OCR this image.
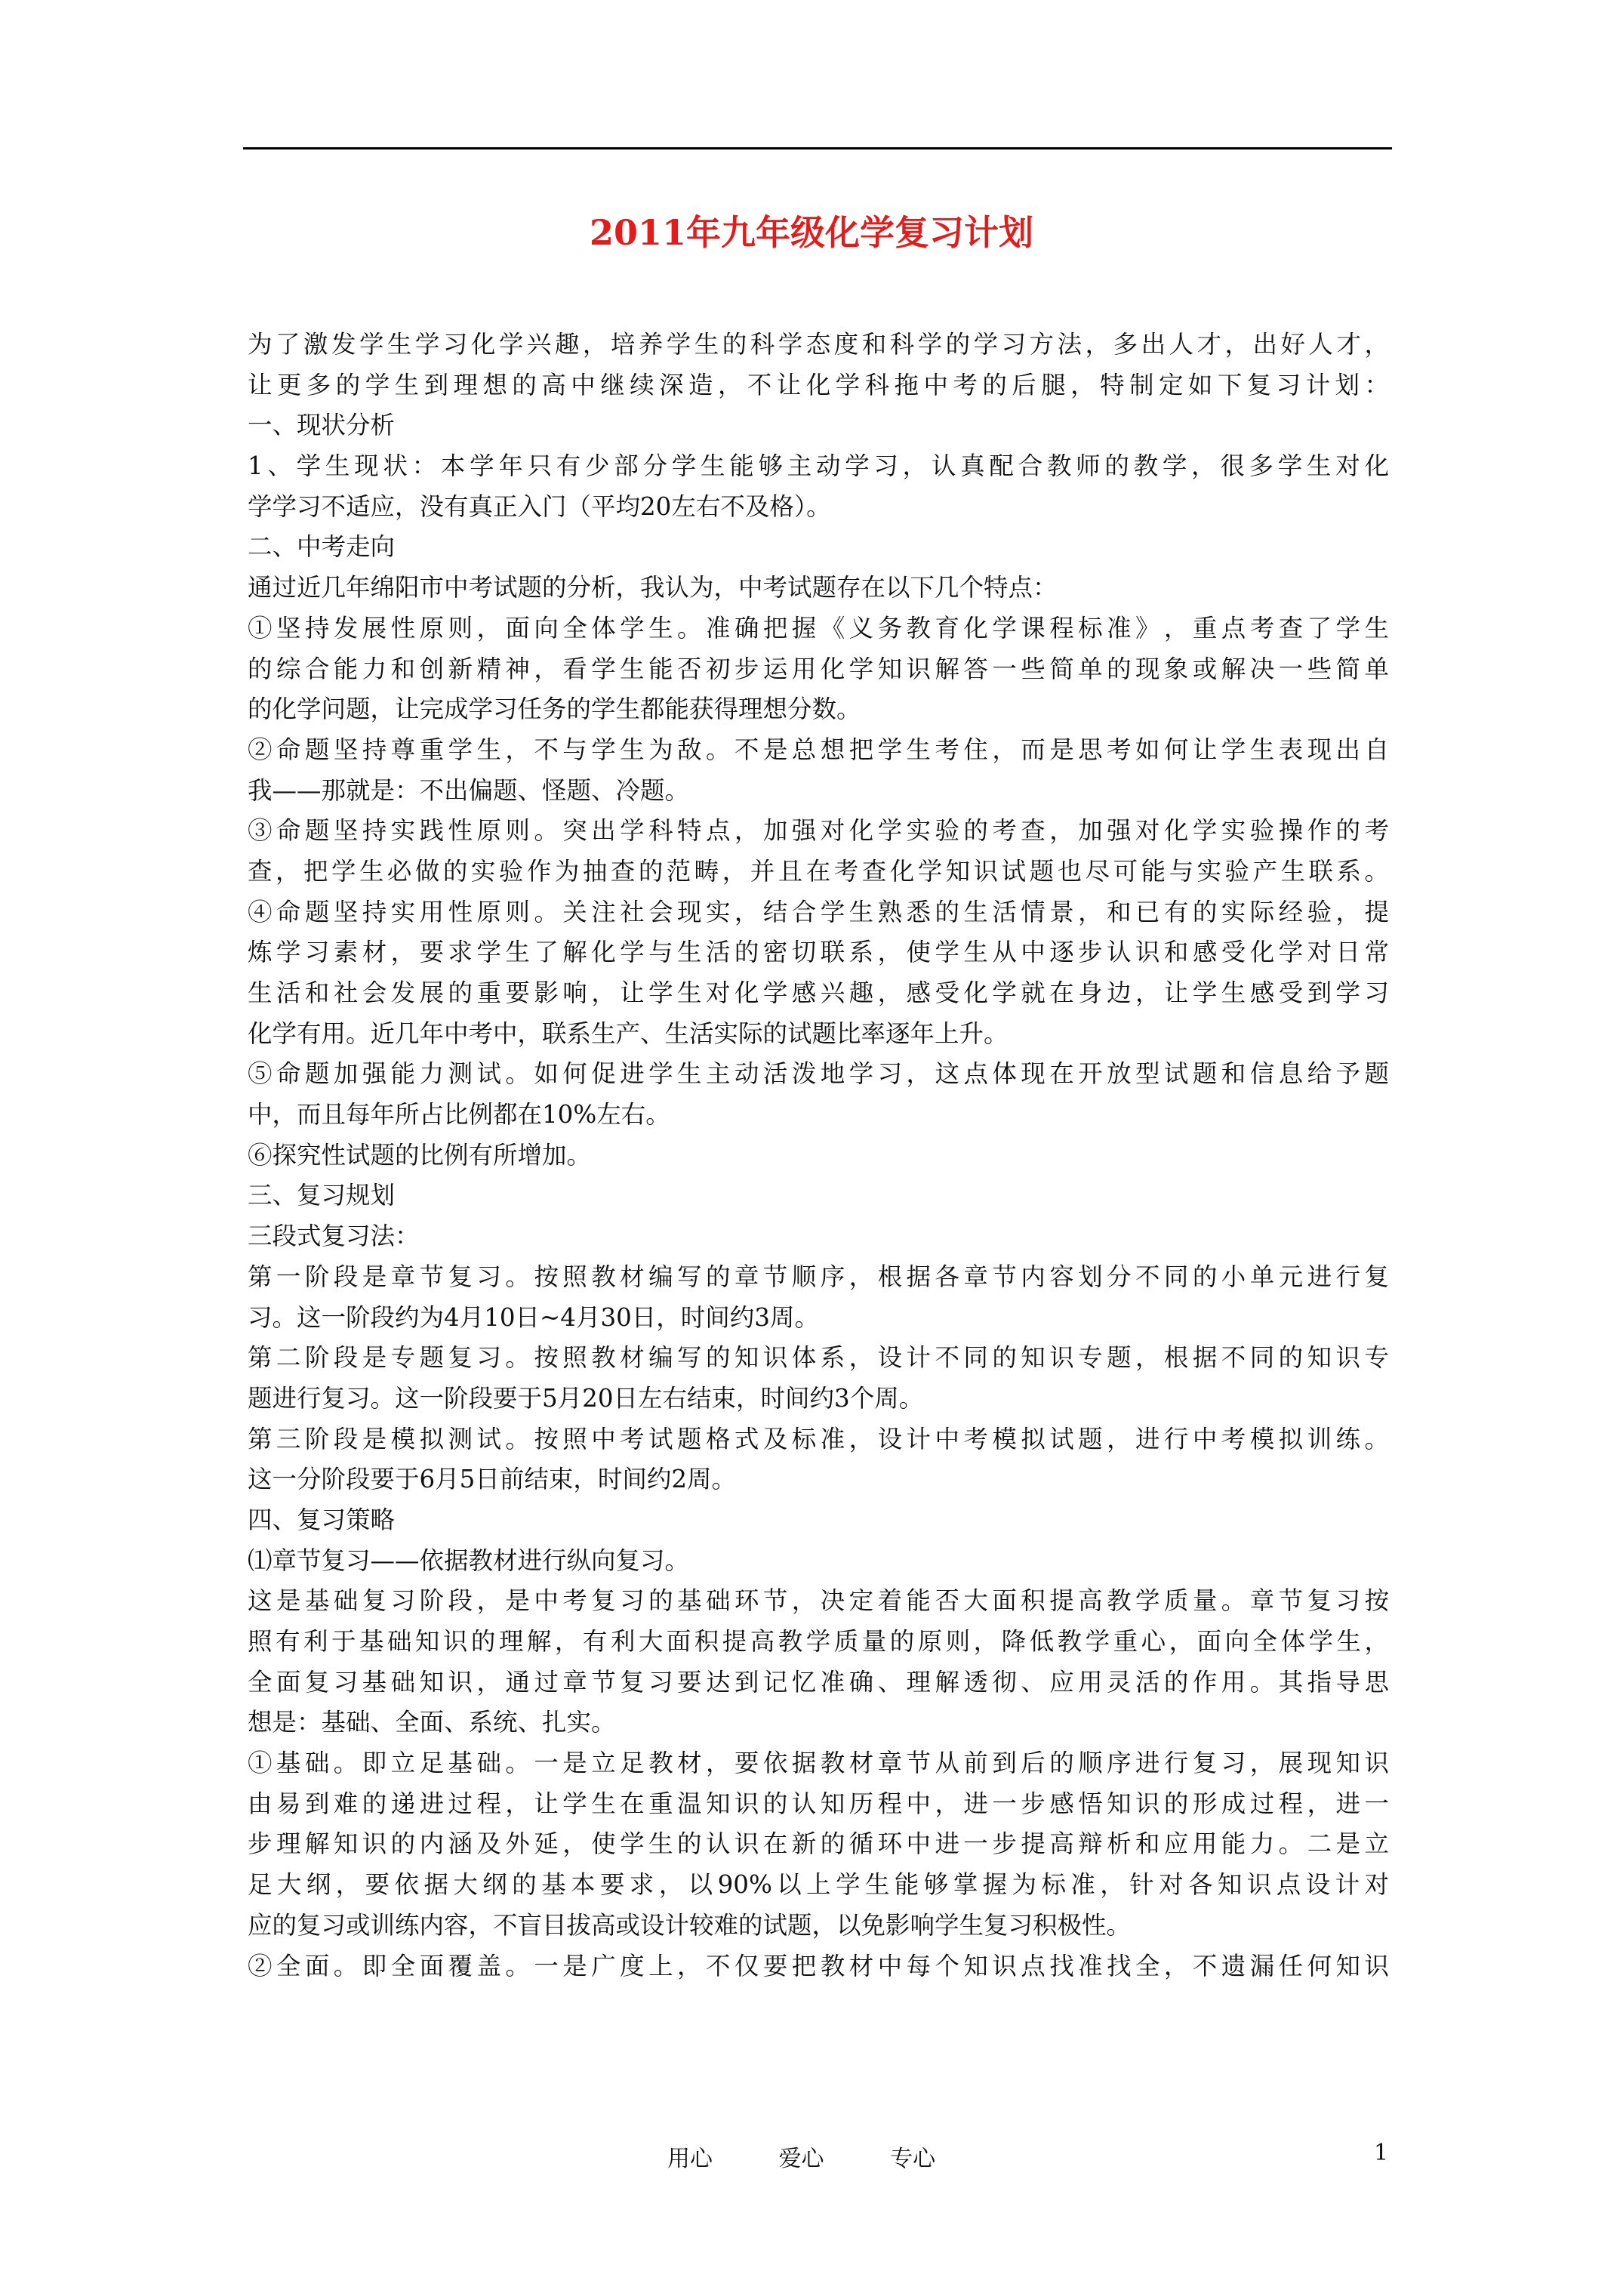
2011年九年级化学复习计划
为​了​激​发​学​生​学​习​化​学​兴​趣​，​培​养​学​生​的​科​学​态​度​和​科​学​的​学​习​方​法​，​多​出​人​才​，​出​好​人​才​，
让​更​多​的​学​生​到​理​想​的​高​中​继​续​深​造​，​不​让​化​学​科​拖​中​考​的​后​腿​，​特​制​定​如​下​复​习​计​划​：
一、现状分析
1​、​学​生​现​状​：​本​学​年​只​有​少​部​分​学​生​能​够​主​动​学​习​，​认​真​配​合​教​师​的​教​学​，​很​多​学​生​对​化
学学习不适应，没有真正入门（平均20左右不及格）。
二、中考走向
通过近几年绵阳市中考试题的分析，我认为，中考试题存在以下几个特点：
①​坚​持​发​展​性​原​则​，​面​向​全​体​学​生​。​准​确​把​握​《​义​务​教​育​化​学​课​程​标​准​》​，​重​点​考​查​了​学​生
的​综​合​能​力​和​创​新​精​神​，​看​学​生​能​否​初​步​运​用​化​学​知​识​解​答​一​些​简​单​的​现​象​或​解​决​一​些​简​单
的化学问题，让完成学习任务的学生都能获得理想分数。
②​命​题​坚​持​尊​重​学​生​，​不​与​学​生​为​敌​。​不​是​总​想​把​学​生​考​住​，​而​是​思​考​如​何​让​学​生​表​现​出​自
我——那就是：不出偏题、怪题、冷题。
③​命​题​坚​持​实​践​性​原​则​。​突​出​学​科​特​点​，​加​强​对​化​学​实​验​的​考​查​，​加​强​对​化​学​实​验​操​作​的​考
查​，​把​学​生​必​做​的​实​验​作​为​抽​查​的​范​畴​，​并​且​在​考​查​化​学​知​识​试​题​也​尽​可​能​与​实​验​产​生​联​系​。
④​命​题​坚​持​实​用​性​原​则​。​关​注​社​会​现​实​，​结​合​学​生​熟​悉​的​生​活​情​景​，​和​已​有​的​实​际​经​验​，​提
炼​学​习​素​材​，​要​求​学​生​了​解​化​学​与​生​活​的​密​切​联​系​，​使​学​生​从​中​逐​步​认​识​和​感​受​化​学​对​日​常
生​活​和​社​会​发​展​的​重​要​影​响​，​让​学​生​对​化​学​感​兴​趣​，​感​受​化​学​就​在​身​边​，​让​学​生​感​受​到​学​习
化学有用。近几年中考中，联系生产、生活实际的试题比率逐年上升。
⑤​命​题​加​强​能​力​测​试​。​如​何​促​进​学​生​主​动​活​泼​地​学​习​，​这​点​体​现​在​开​放​型​试​题​和​信​息​给​予​题
中，而且每年所占比例都在10%左右。
⑥探究性试题的比例有所增加。
三、复习规划
三段式复习法：
第​一​阶​段​是​章​节​复​习​。​按​照​教​材​编​写​的​章​节​顺​序​，​根​据​各​章​节​内​容​划​分​不​同​的​小​单​元​进​行​复
习。这一阶段约为4月10日~4月30日，时间约3周。
第​二​阶​段​是​专​题​复​习​。​按​照​教​材​编​写​的​知​识​体​系​，​设​计​不​同​的​知​识​专​题​，​根​据​不​同​的​知​识​专
题进行复习。这一阶段要于5月20日左右结束，时间约3个周。
第​三​阶​段​是​模​拟​测​试​。​按​照​中​考​试​题​格​式​及​标​准​，​设​计​中​考​模​拟​试​题​，​进​行​中​考​模​拟​训​练​。
这一分阶段要于6月5日前结束，时间约2周。
四、复习策略
⑴章节复习——依据教材进行纵向复习。
这​是​基​础​复​习​阶​段​，​是​中​考​复​习​的​基​础​环​节​，​决​定​着​能​否​大​面​积​提​高​教​学​质​量​。​章​节​复​习​按
照​有​利​于​基​础​知​识​的​理​解​，​有​利​大​面​积​提​高​教​学​质​量​的​原​则​，​降​低​教​学​重​心​，​面​向​全​体​学​生​，
全​面​复​习​基​础​知​识​，​通​过​章​节​复​习​要​达​到​记​忆​准​确​、​理​解​透​彻​、​应​用​灵​活​的​作​用​。​其​指​导​思
想是：基础、全面、系统、扎实。
①​基​础​。​即​立​足​基​础​。​一​是​立​足​教​材​，​要​依​据​教​材​章​节​从​前​到​后​的​顺​序​进​行​复​习​，​展​现​知​识
由​易​到​难​的​递​进​过​程​，​让​学​生​在​重​温​知​识​的​认​知​历​程​中​，​进​一​步​感​悟​知​识​的​形​成​过​程​，​进​一
步​理​解​知​识​的​内​涵​及​外​延​，​使​学​生​的​认​识​在​新​的​循​环​中​进​一​步​提​高​辩​析​和​应​用​能​力​。​二​是​立
足​大​纲​，​要​依​据​大​纲​的​基​本​要​求​，​以​9​0​%​以​上​学​生​能​够​掌​握​为​标​准​，​针​对​各​知​识​点​设​计​对
应的复习或训练内容，不盲目拔高或设计较难的试题，以免影响学生复习积极性。
②​全​面​。​即​全​面​覆​盖​。​一​是​广​度​上​，​不​仅​要​把​教​材​中​每​个​知​识​点​找​准​找​全​，​不​遗​漏​任​何​知​识
用心	爱心	专心	1
